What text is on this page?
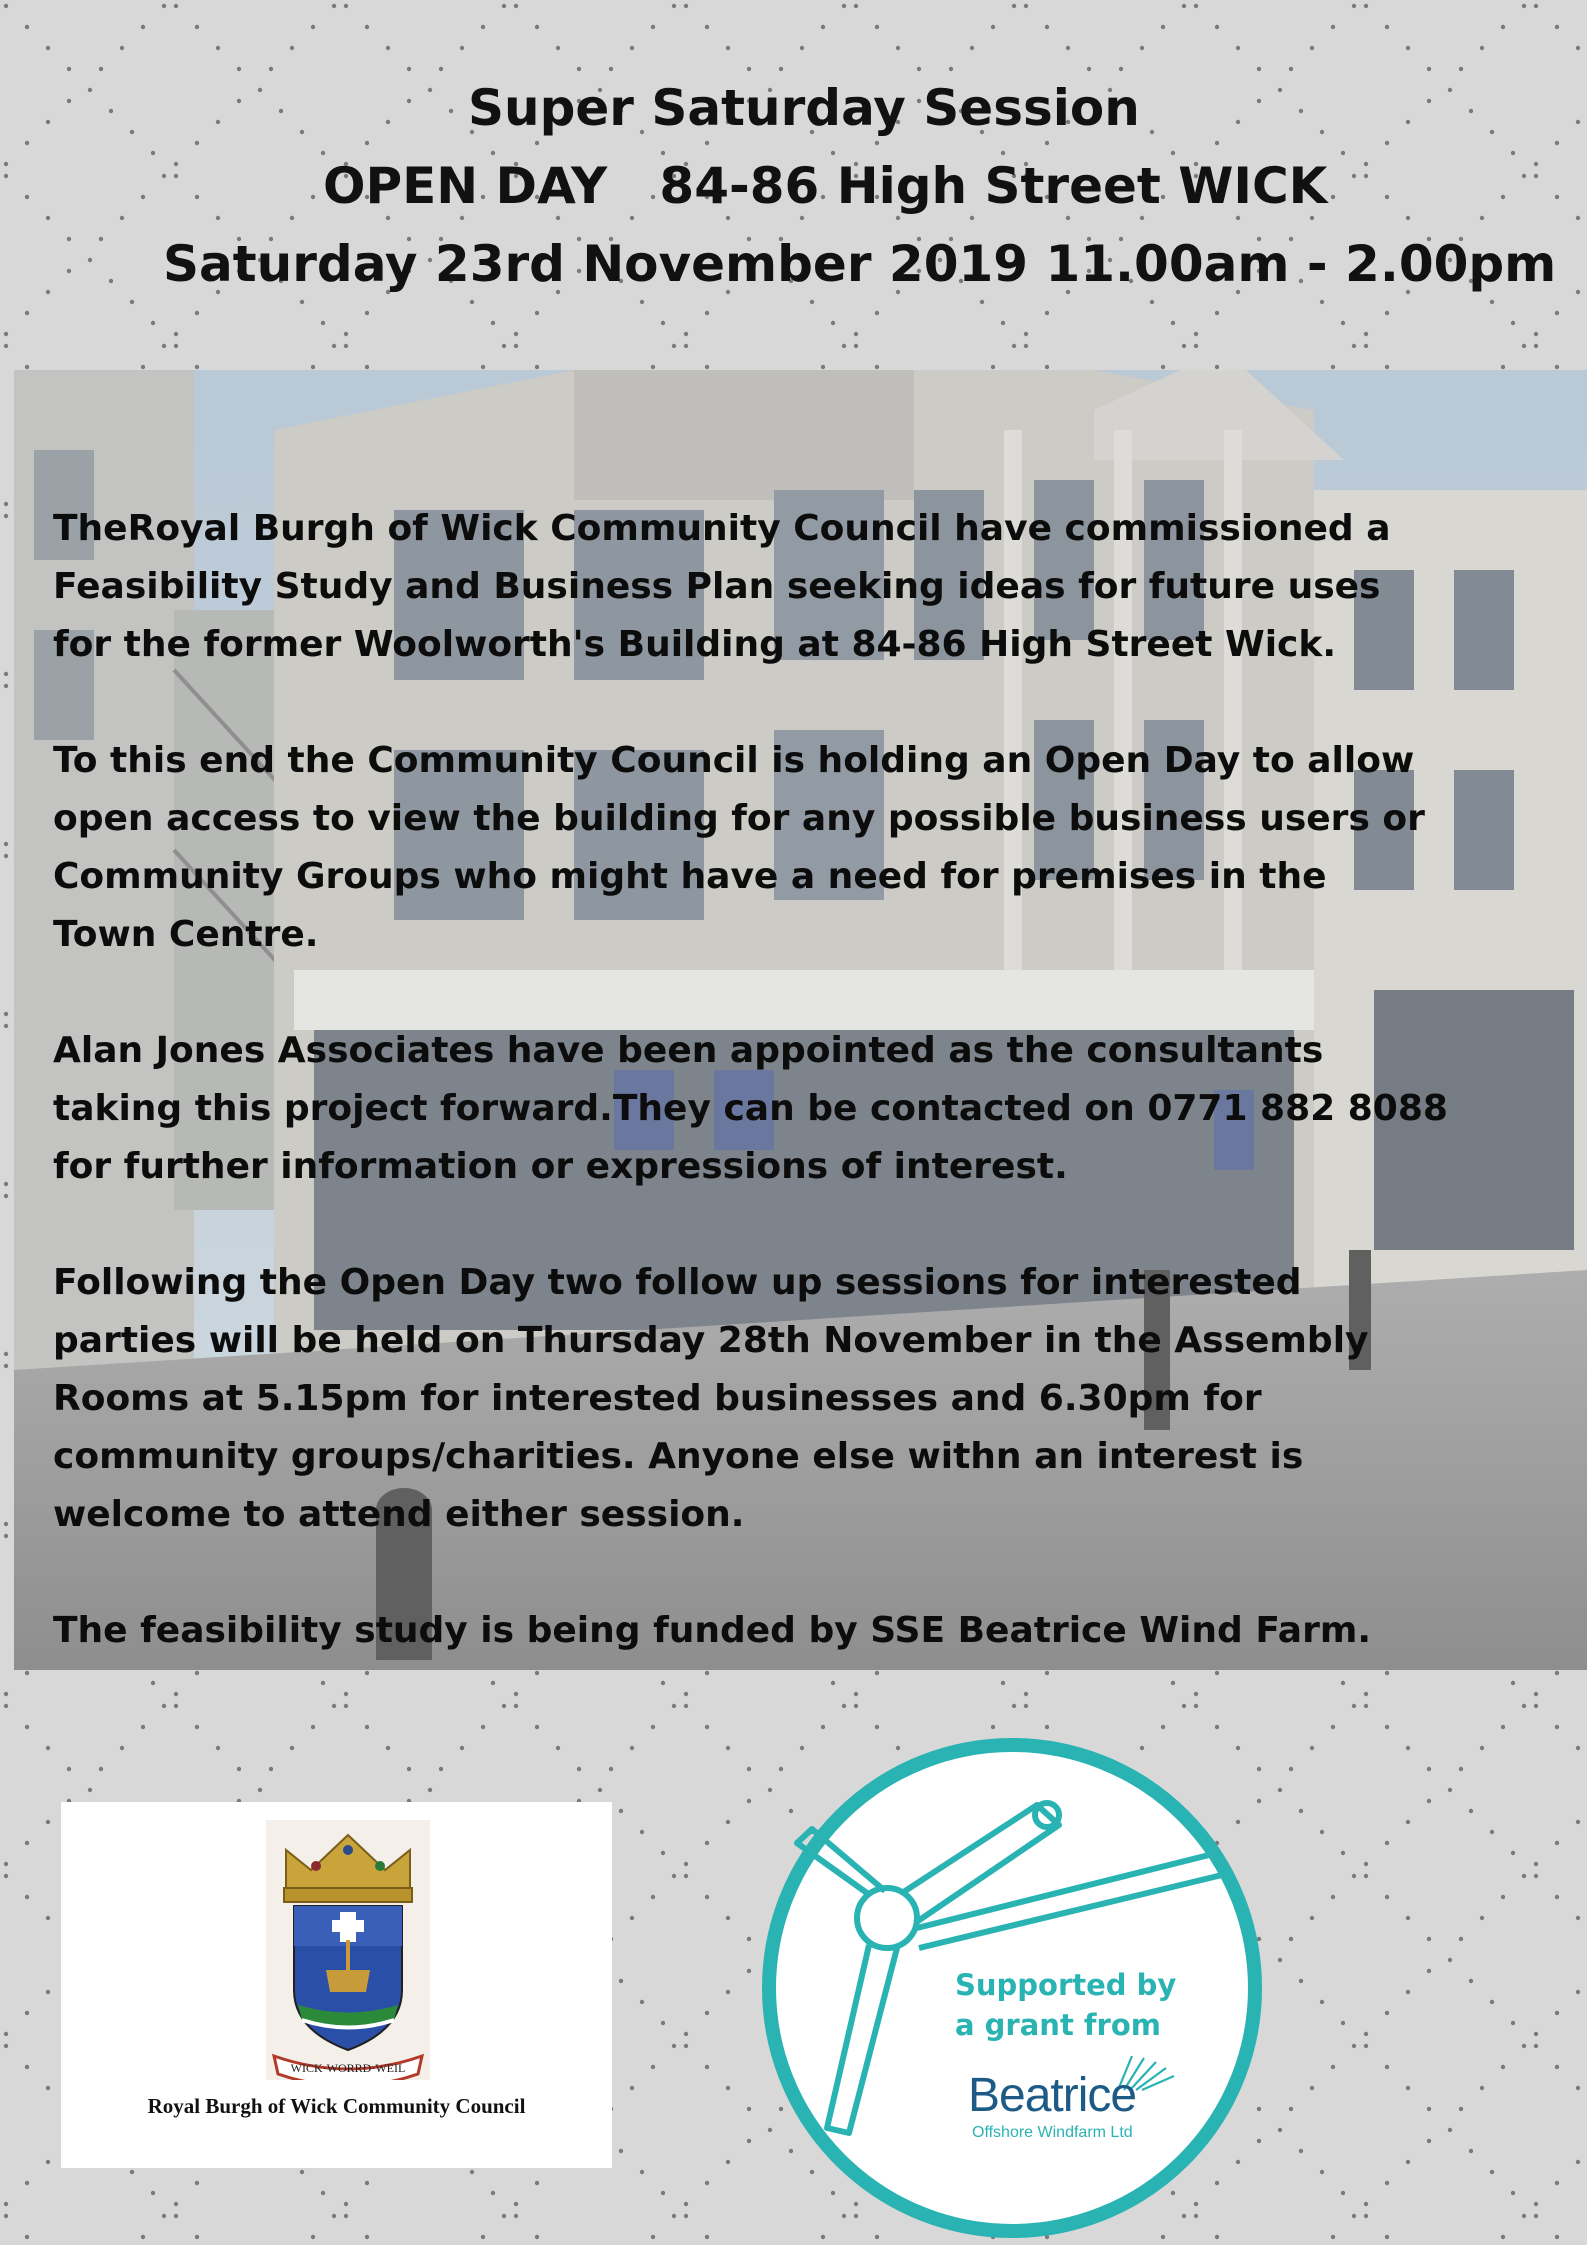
Super Saturday Session
OPEN DAY   84-86 High Street WICK
Saturday 23rd November 2019 11.00am - 2.00pm

TheRoyal Burgh of Wick Community Council have commissioned a
Feasibility Study and Business Plan seeking ideas for future uses
for the former Woolworth's Building at 84-86 High Street Wick.

To this end the Community Council is holding an Open Day to allow
open access to view the building for any possible business users or
Community Groups who might have a need for premises in the
Town Centre.

Alan Jones Associates have been appointed as the consultants
taking this project forward.They can be contacted on 0771 882 8088
for further information or expressions of interest.

Following the Open Day two follow up sessions for interested
parties will be held on Thursday 28th November in the Assembly
Rooms at 5.15pm for interested businesses and 6.30pm for
community groups/charities. Anyone else withn an interest is
welcome to attend either session.

The feasibility study is being funded by SSE Beatrice Wind Farm.

WICK·WORRD·WEIL
Royal Burgh of Wick Community Council
Supported by
a grant from
Beatrice
Offshore Windfarm Ltd
